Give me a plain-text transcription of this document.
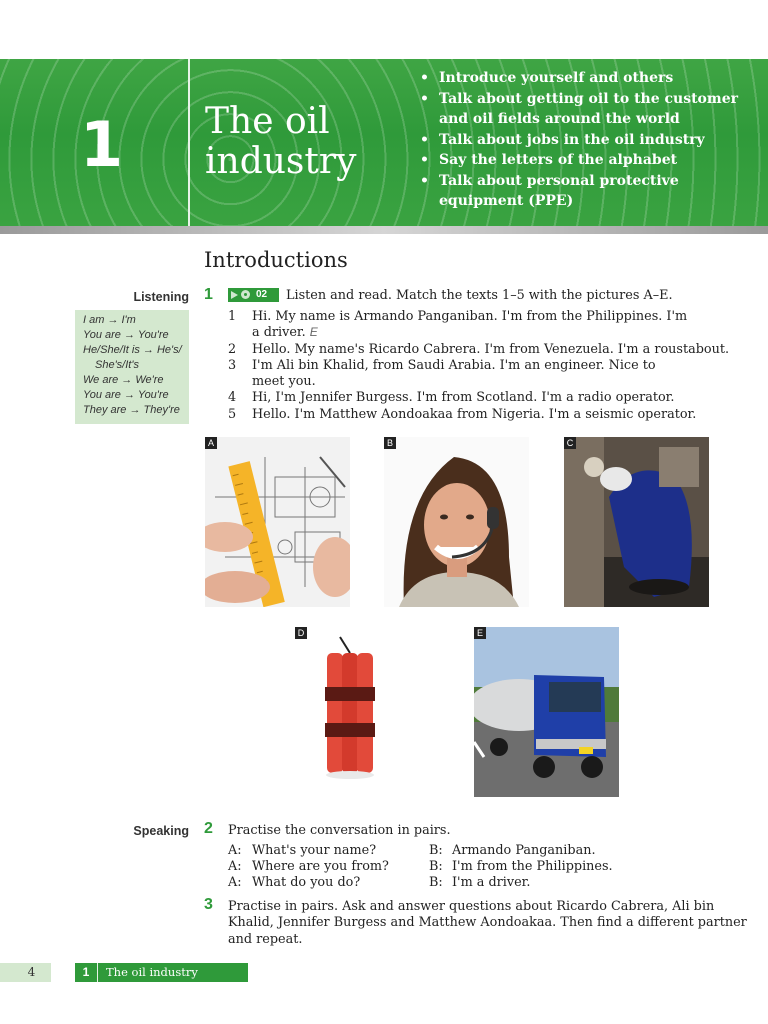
1 The oil
industry
• Introduce yourself and others
• Talk about getting oil to the customer and oil fields around the world
• Talk about jobs in the oil industry
• Say the letters of the alphabet
• Talk about personal protective equipment (PPE)
Introductions
Listening
I am → I'm
You are → You're
He/She/It is → He's/
She's/It's
We are → We're
You are → You're
They are → They're
Speaking
1	02 Listen and read. Match the texts 1–5 with the pictures A–E.
1 Hi. My name is Armando Panganiban. I'm from the Philippines. I'm
a driver. E
2 Hello. My name's Ricardo Cabrera. I'm from Venezuela. I'm a roustabout.
3 I'm Ali bin Khalid, from Saudi Arabia. I'm an engineer. Nice to
meet you.
4 Hi, I'm Jennifer Burgess. I'm from Scotland. I'm a radio operator.
5 Hello. I'm Matthew Aondoakaa from Nigeria. I'm a seismic operator.
A	B	C
D	E
2 Practise the conversation in pairs.
A: What's your name?	B: Armando Panganiban.
A: Where are you from?	B: I'm from the Philippines.
A: What do you do?	B: I'm a driver.
3 Practise in pairs. Ask and answer questions about Ricardo Cabrera, Ali bin
Khalid, Jennifer Burgess and Matthew Aondoakaa. Then find a different partner
and repeat.
4	1	The oil industry
